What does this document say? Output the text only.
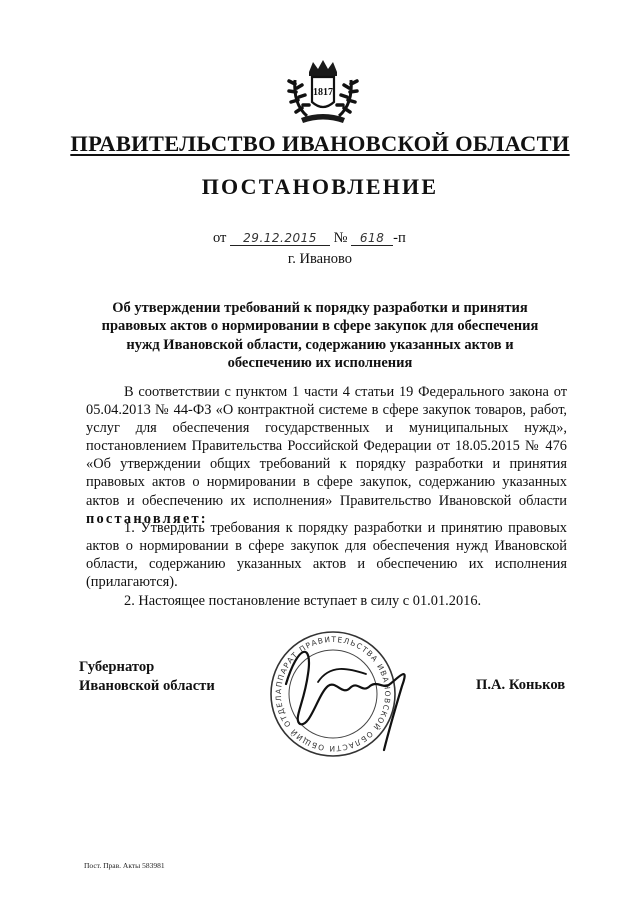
1817
ПРАВИТЕЛЬСТВО ИВАНОВСКОЙ ОБЛАСТИ
ПОСТАНОВЛЕНИЕ
от 29.12.2015 № 618 -п
г. Иваново
Об утверждении требований к порядку разработки и принятия правовых актов о нормировании в сфере закупок для обеспечения нужд Ивановской области, содержанию указанных актов и обеспечению их исполнения
В соответствии с пунктом 1 части 4 статьи 19 Федерального закона от 05.04.2013 № 44-ФЗ «О контрактной системе в сфере закупок товаров, работ, услуг для обеспечения государственных и муниципальных нужд», постановлением Правительства Российской Федерации от 18.05.2015 № 476 «Об утверждении общих требований к порядку разработки и принятия правовых актов о нормировании в сфере закупок, содержанию указанных актов и обеспечению их исполнения» Правительство Ивановской области постановляет:
1. Утвердить требования к порядку разработки и принятию правовых актов о нормировании в сфере закупок для обеспечения нужд Ивановской области, содержанию указанных актов и обеспечению их исполнения (прилагаются).
2. Настоящее постановление вступает в силу с 01.01.2016.
Губернатор
Ивановской области	АППАРАТ ПРАВИТЕЛЬСТВА ИВАНОВСКОЙ ОБЛАСТИ ОБЩИЙ ОТДЕЛ
П.А. Коньков
Пост. Прав. Акты 583981
